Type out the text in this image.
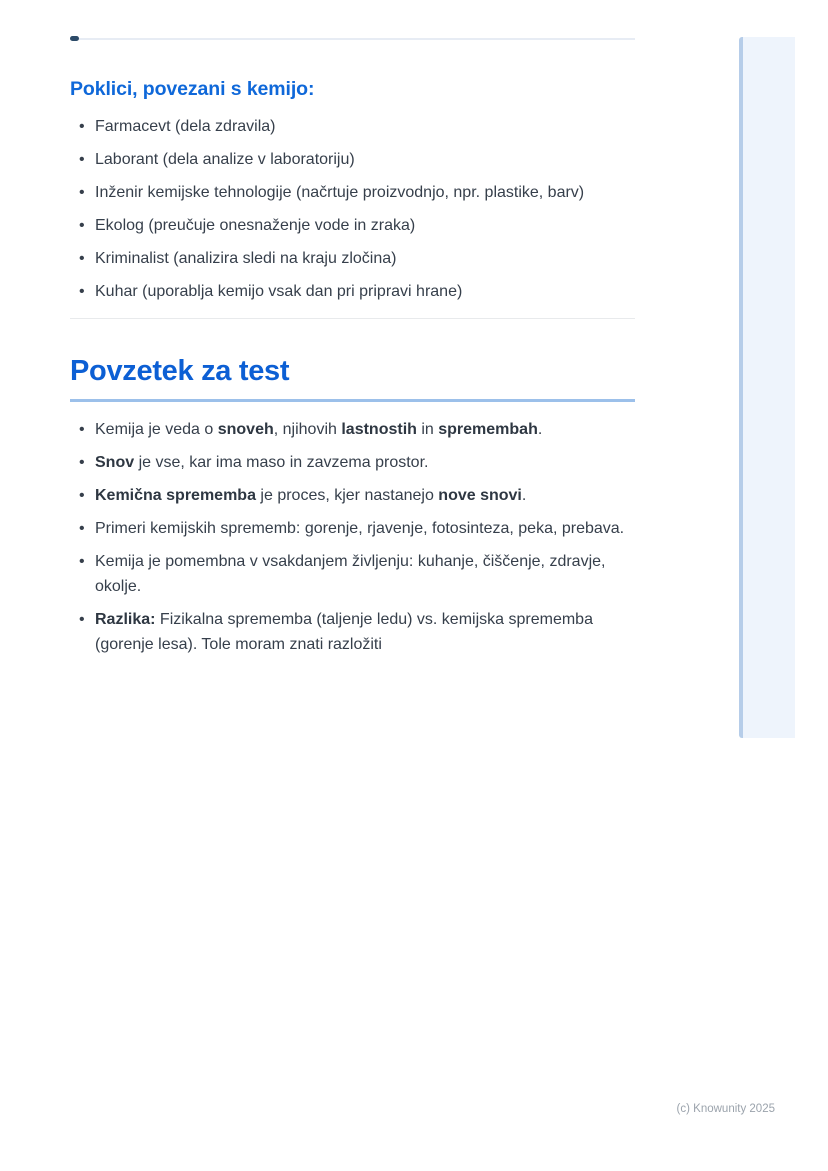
Poklici, povezani s kemijo:
• Farmacevt (dela zdravila)
• Laborant (dela analize v laboratoriju)
• Inženir kemijske tehnologije (načrtuje proizvodnjo, npr. plastike, barv)
• Ekolog (preučuje onesnaženje vode in zraka)
• Kriminalist (analizira sledi na kraju zločina)
• Kuhar (uporablja kemijo vsak dan pri pripravi hrane)
Povzetek za test
• Kemija je veda o snoveh, njihovih lastnostih in spremembah.
• Snov je vse, kar ima maso in zavzema prostor.
• Kemična sprememba je proces, kjer nastanejo nove snovi.
• Primeri kemijskih sprememb: gorenje, rjavenje, fotosinteza, peka, prebava.
• Kemija je pomembna v vsakdanjem življenju: kuhanje, čiščenje, zdravje, okolje.
• Razlika: Fizikalna sprememba (taljenje ledu) vs. kemijska sprememba (gorenje lesa). Tole moram znati razložiti
(c) Knowunity 2025
